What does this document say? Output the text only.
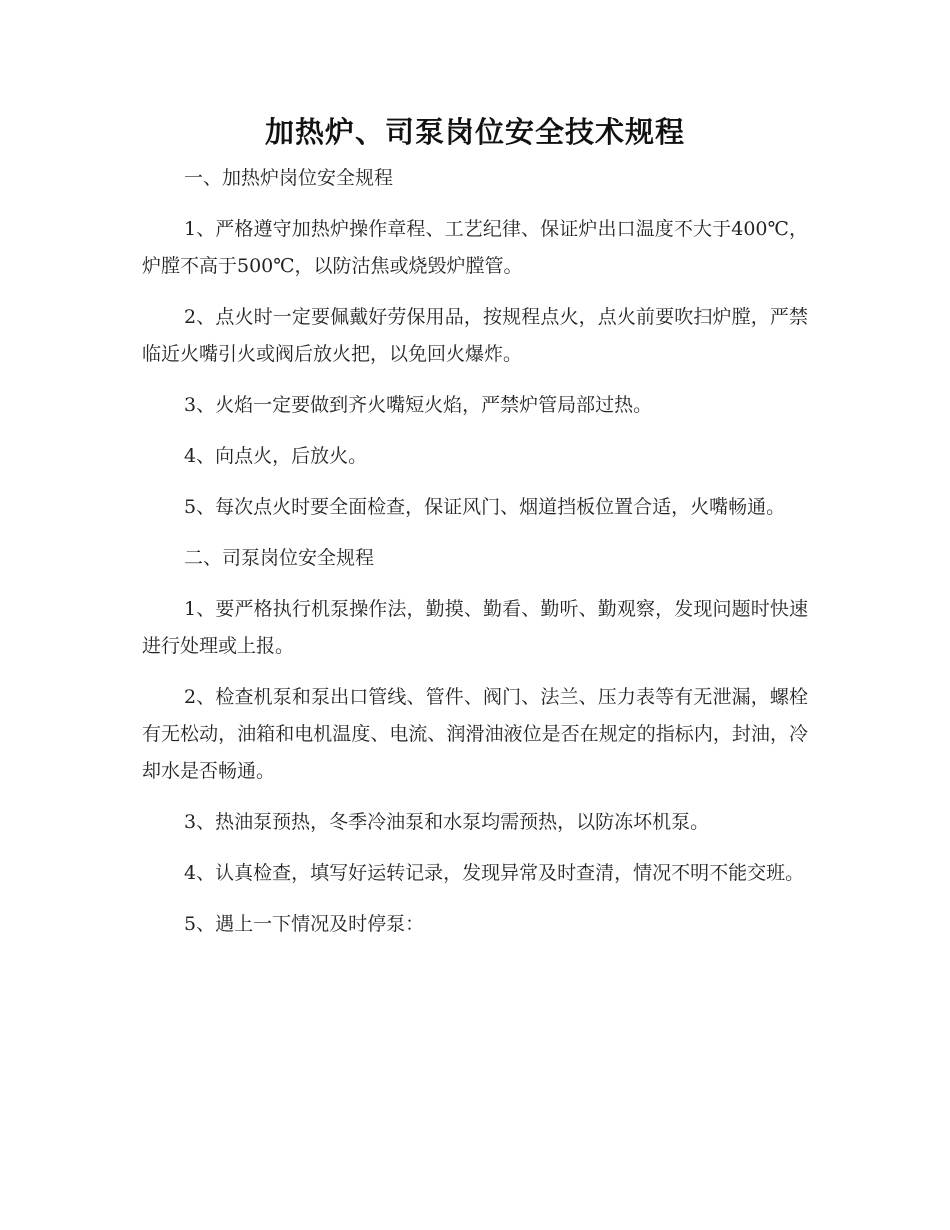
加热炉、司泵岗位安全技术规程

一、加热炉岗位安全规程

1、严格遵守加热炉操作章程、工艺纪律、保证炉出口温度不大于400℃，炉膛不高于500℃，以防沽焦或烧毁炉膛管。

2、点火时一定要佩戴好劳保用品，按规程点火，点火前要吹扫炉膛，严禁临近火嘴引火或阀后放火把，以免回火爆炸。

3、火焰一定要做到齐火嘴短火焰，严禁炉管局部过热。

4、向点火，后放火。

5、每次点火时要全面检查，保证风门、烟道挡板位置合适，火嘴畅通。

二、司泵岗位安全规程

1、要严格执行机泵操作法，勤摸、勤看、勤听、勤观察，发现问题时快速进行处理或上报。

2、检查机泵和泵出口管线、管件、阀门、法兰、压力表等有无泄漏，螺栓有无松动，油箱和电机温度、电流、润滑油液位是否在规定的指标内，封油，冷却水是否畅通。

3、热油泵预热，冬季冷油泵和水泵均需预热，以防冻坏机泵。

4、认真检查，填写好运转记录，发现异常及时查清，情况不明不能交班。

5、遇上一下情况及时停泵：
